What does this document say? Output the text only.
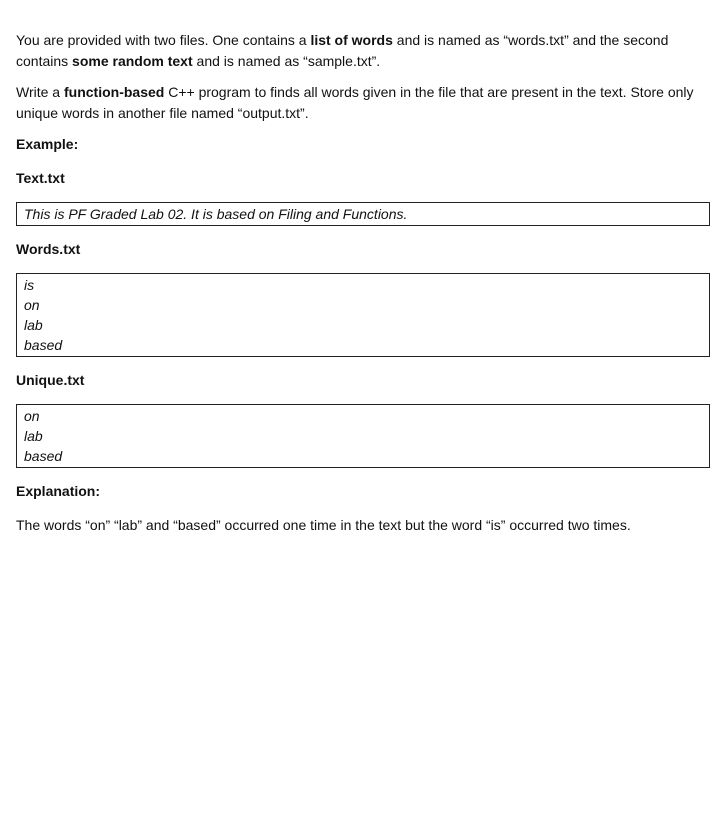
You are provided with two files. One contains a list of words and is named as “words.txt” and the second contains some random text and is named as “sample.txt”.

Write a function-based C++ program to finds all words given in the file that are present in the text. Store only unique words in another file named “output.txt”.

Example:
Text.txt
This is PF Graded Lab 02. It is based on Filing and Functions.
Words.txt
is
on
lab
based
Unique.txt
on
lab
based
Explanation:

The words “on” “lab” and “based” occurred one time in the text but the word “is” occurred two times.
